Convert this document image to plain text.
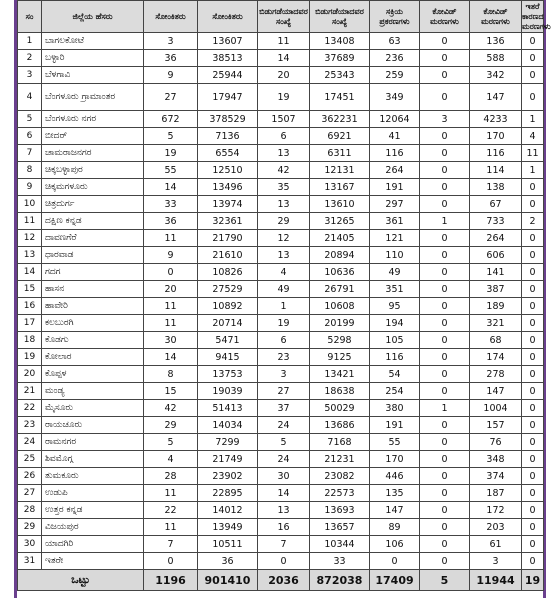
ಸಂ	ಜಿಲ್ಲೆಯ ಹೆಸರು	ಸೋಂಕಿತರು	ಸೋಂಕಿತರು	ಬಿಡುಗಡೆಯಾದವರ ಸಂಖ್ಯೆ	ಬಿಡುಗಡೆಯಾದವರ ಸಂಖ್ಯೆ	ಸಕ್ರಿಯ ಪ್ರಕರಣಗಳು	ಕೋವಿಡ್ ಮರಣಗಳು	ಕೋವಿಡ್ ಮರಣಗಳು	ಇತರೆ ಕಾರಣದ ಮರಣಗಳು
1	ಬಾಗಲಕೋಟೆ	3	13607	11	13408	63	0	136	0
2	ಬಳ್ಳಾರಿ	36	38513	14	37689	236	0	588	0
3	ಬೆಳಗಾವಿ	9	25944	20	25343	259	0	342	0
4	ಬೆಂಗಳೂರು ಗ್ರಾಮಾಂತರ	27	17947	19	17451	349	0	147	0
5	ಬೆಂಗಳೂರು ನಗರ	672	378529	1507	362231	12064	3	4233	1
6	ಬೀದರ್	5	7136	6	6921	41	0	170	4
7	ಚಾಮರಾಜನಗರ	19	6554	13	6311	116	0	116	11
8	ಚಿಕ್ಕಬಳ್ಳಾಪುರ	55	12510	42	12131	264	0	114	1
9	ಚಿಕ್ಕಮಗಳೂರು	14	13496	35	13167	191	0	138	0
10	ಚಿತ್ರದುರ್ಗ	33	13974	13	13610	297	0	67	0
11	ದಕ್ಷಿಣ ಕನ್ನಡ	36	32361	29	31265	361	1	733	2
12	ದಾವಣಗೆರೆ	11	21790	12	21405	121	0	264	0
13	ಧಾರವಾಡ	9	21610	13	20894	110	0	606	0
14	ಗದಗ	0	10826	4	10636	49	0	141	0
15	ಹಾಸನ	20	27529	49	26791	351	0	387	0
16	ಹಾವೇರಿ	11	10892	1	10608	95	0	189	0
17	ಕಲಬುರಗಿ	11	20714	19	20199	194	0	321	0
18	ಕೊಡಗು	30	5471	6	5298	105	0	68	0
19	ಕೋಲಾರ	14	9415	23	9125	116	0	174	0
20	ಕೊಪ್ಪಳ	8	13753	3	13421	54	0	278	0
21	ಮಂಡ್ಯ	15	19039	27	18638	254	0	147	0
22	ಮೈಸೂರು	42	51413	37	50029	380	1	1004	0
23	ರಾಯಚೂರು	29	14034	24	13686	191	0	157	0
24	ರಾಮನಗರ	5	7299	5	7168	55	0	76	0
25	ಶಿವಮೊಗ್ಗ	4	21749	24	21231	170	0	348	0
26	ತುಮಕೂರು	28	23902	30	23082	446	0	374	0
27	ಉಡುಪಿ	11	22895	14	22573	135	0	187	0
28	ಉತ್ತರ ಕನ್ನಡ	22	14012	13	13693	147	0	172	0
29	ವಿಜಯಪುರ	11	13949	16	13657	89	0	203	0
30	ಯಾದಗಿರಿ	7	10511	7	10344	106	0	61	0
31	ಇತರೇ	0	36	0	33	0	0	3	0
ಒಟ್ಟು		1196	901410	2036	872038	17409	5	11944	19
